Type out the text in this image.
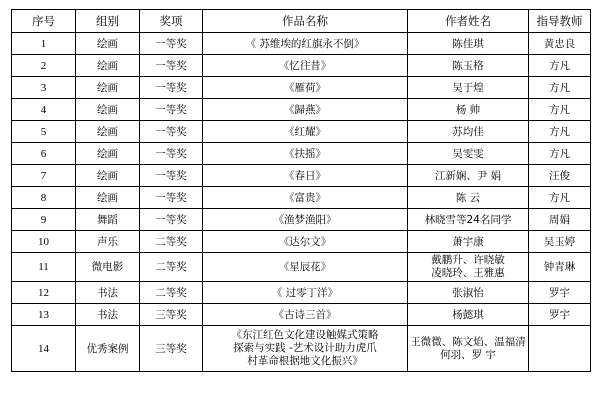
序号	组别	奖项	作品名称	作者姓名	指导教师
1	绘画	一等奖	《 苏维埃的红旗永不倒》	陈佳琪	黄忠良
2	绘画	一等奖	《忆往昔》	陈玉格	方凡
3	绘画	一等奖	《雁荷》	吴于煌	方凡
4	绘画	一等奖	《歸燕》	杨 帅	方凡
5	绘画	一等奖	《红耀》	苏均佳	方凡
6	绘画	一等奖	《扶摇》	吴雯雯	方凡
7	绘画	一等奖	《春日》	江新娴、尹 娟	汪俊
8	绘画	一等奖	《富贵》	陈 云	方凡
9	舞蹈	一等奖	《渔梦渔阳》	林晓雪等24名同学	周娟
10	声乐	二等奖	《达尔文》	萧宇康	吴玉婷
11	微电影	二等奖	《星辰花》	戴鹏升、许晓敏
凌晓玲、王雅惠	钟青琳
12	书法	二等奖	《 过零丁洋》	张淑怡	罗宇
13	书法	三等奖	《古诗三首》	杨懿琪	罗宇
14	优秀案例	三等奖	《东江红色文化建设触媒式策略
探索与实践 -艺术设计助力虎爪
村革命根据地文化振兴》	王微微、陈文焰、温福清
何羽、罗 宇	
